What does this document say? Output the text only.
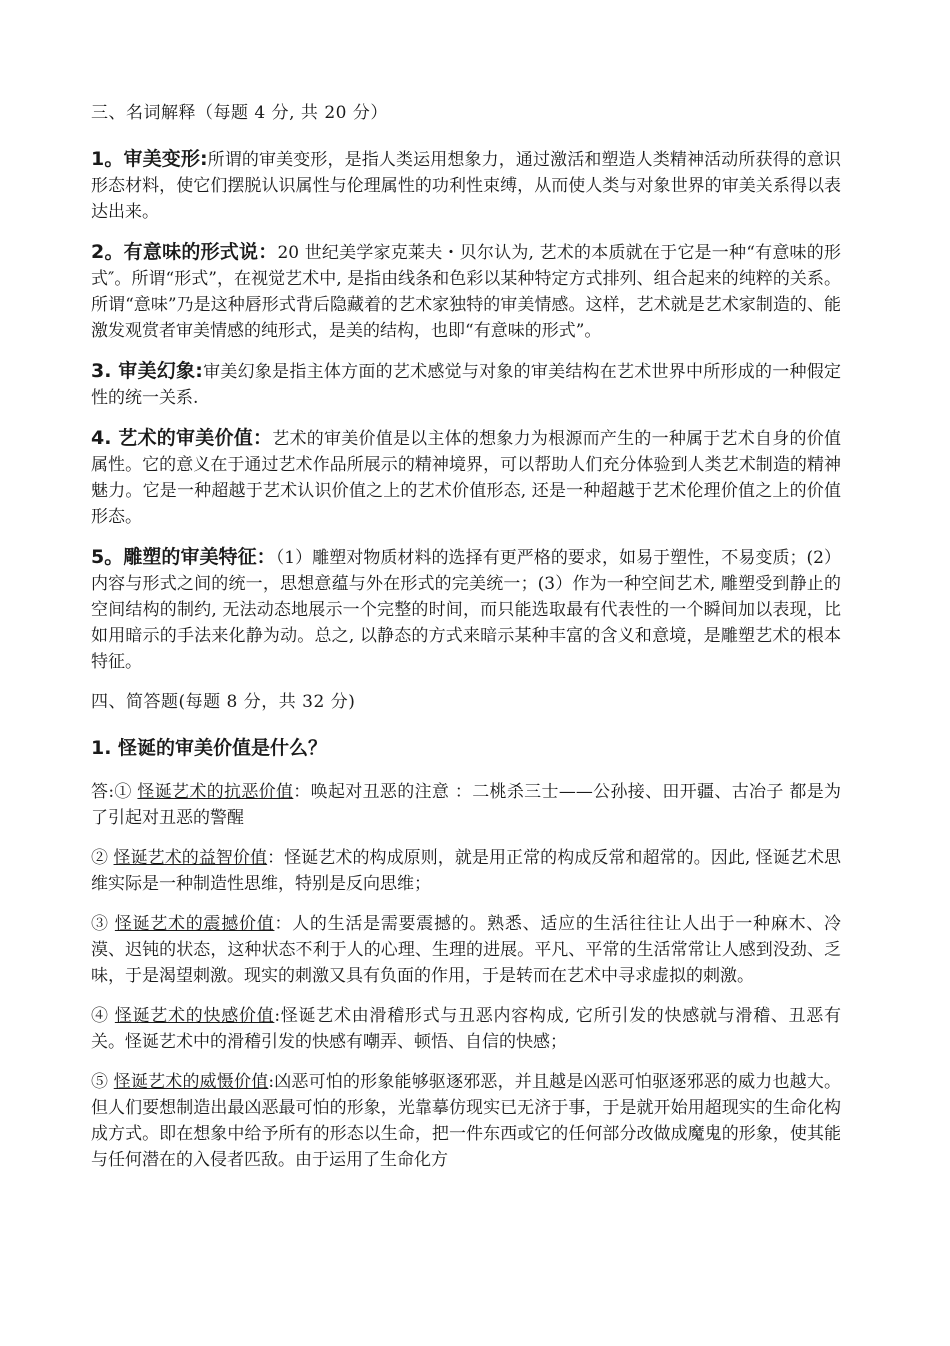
三、名词解释（每题 4 分, 共 20 分）

1。审美变形:所谓的审美变形，是指人类运用想象力，通过激活和塑造人类精神活动所获得的意识形态材料，使它们摆脱认识属性与伦理属性的功利性束缚，从而使人类与对象世界的审美关系得以表达出来。

2。有意味的形式说：20 世纪美学家克莱夫・贝尔认为, 艺术的本质就在于它是一种“有意味的形式″。所谓“形式”，在视觉艺术中, 是指由线条和色彩以某种特定方式排列、组合起来的纯粹的关系。所谓“意味”乃是这种唇形式背后隐藏着的艺术家独特的审美情感。这样，艺术就是艺术家制造的、能激发观赏者审美情感的纯形式，是美的结构，也即“有意味的形式”。

3. 审美幻象:审美幻象是指主体方面的艺术感觉与对象的审美结构在艺术世界中所形成的一种假定性的统一关系.

4. 艺术的审美价值：艺术的审美价值是以主体的想象力为根源而产生的一种属于艺术自身的价值属性。它的意义在于通过艺术作品所展示的精神境界，可以帮助人们充分体验到人类艺术制造的精神魅力。它是一种超越于艺术认识价值之上的艺术价值形态, 还是一种超越于艺术伦理价值之上的价值形态。

5。雕塑的审美特征：（1）雕塑对物质材料的选择有更严格的要求，如易于塑性，不易变质；(2）内容与形式之间的统一，思想意蕴与外在形式的完美统一；(3）作为一种空间艺术, 雕塑受到静止的空间结构的制约, 无法动态地展示一个完整的时间，而只能选取最有代表性的一个瞬间加以表现，比如用暗示的手法来化静为动。总之, 以静态的方式来暗示某种丰富的含义和意境，是雕塑艺术的根本特征。

四、简答题(每题 8 分，共 32 分)

1. 怪诞的审美价值是什么？

答:① 怪诞艺术的抗恶价值：唤起对丑恶的注意 ：二桃杀三士——公孙接、田开疆、古冶子 都是为了引起对丑恶的警醒

② 怪诞艺术的益智价值：怪诞艺术的构成原则，就是用正常的构成反常和超常的。因此, 怪诞艺术思维实际是一种制造性思维，特别是反向思维；

③ 怪诞艺术的震撼价值：人的生活是需要震撼的。熟悉、适应的生活往往让人出于一种麻木、冷漠、迟钝的状态，这种状态不利于人的心理、生理的进展。平凡、平常的生活常常让人感到没劲、乏味，于是渴望刺激。现实的刺激又具有负面的作用，于是转而在艺术中寻求虚拟的刺激。

④ 怪诞艺术的快感价值:怪诞艺术由滑稽形式与丑恶内容构成, 它所引发的快感就与滑稽、丑恶有关。怪诞艺术中的滑稽引发的快感有嘲弄、顿悟、自信的快感；

⑤ 怪诞艺术的威慑价值:凶恶可怕的形象能够驱逐邪恶，并且越是凶恶可怕驱逐邪恶的威力也越大。但人们要想制造出最凶恶最可怕的形象，光靠摹仿现实已无济于事，于是就开始用超现实的生命化构成方式。即在想象中给予所有的形态以生命，把一件东西或它的任何部分改做成魔鬼的形象，使其能与任何潜在的入侵者匹敌。由于运用了生命化方
